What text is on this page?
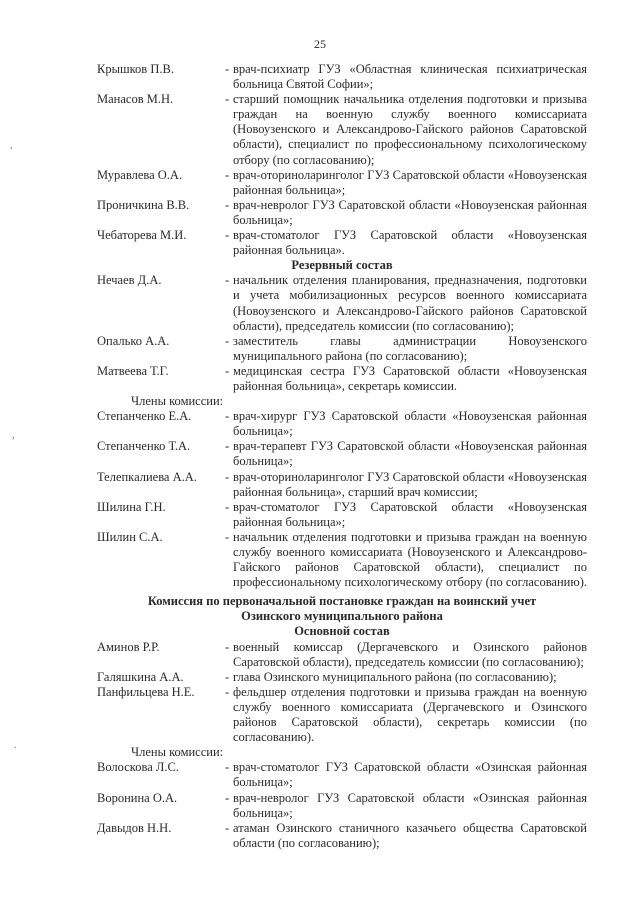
25
,
,
.
Крышков П.В.	- врач-психиатр ГУЗ «Областная клиническая психиатрическая больница Святой Софии»;
Манасов М.Н.	- старший помощник начальника отделения подготовки и призыва граждан на военную службу военного комиссариата (Новоузенского и Александрово-Гайского районов Саратовской области), специалист по профессиональному психологическому отбору (по согласованию);
Муравлева О.А.	- врач-оториноларинголог ГУЗ Саратовской области «Новоузенская районная больница»;
Проничкина В.В.	- врач-невролог ГУЗ Саратовской области «Новоузенская районная больница»;
Чебаторева М.И.	- врач-стоматолог ГУЗ Саратовской области «Новоузенская районная больница».
Резервный состав
Нечаев Д.А.	- начальник отделения планирования, предназначения, подготовки и учета мобилизационных ресурсов военного комиссариата (Новоузенского и Александрово-Гайского районов Саратовской области), председатель комиссии (по согласованию);
Опалько А.А.	- заместитель главы администрации Новоузенского муниципального района (по согласованию);
Матвеева Т.Г.	- медицинская сестра ГУЗ Саратовской области «Новоузенская районная больница», секретарь комиссии.
Члены комиссии:
Степанченко Е.А.	- врач-хирург ГУЗ Саратовской области «Новоузенская районная больница»;
Степанченко Т.А.	- врач-терапевт ГУЗ Саратовской области «Новоузенская районная больница»;
Телепкалиева А.А.	- врач-оториноларинголог ГУЗ Саратовской области «Новоузенская районная больница», старший врач комиссии;
Шилина Г.Н.	- врач-стоматолог ГУЗ Саратовской области «Новоузенская районная больница»;
Шилин С.А.	- начальник отделения подготовки и призыва граждан на военную службу военного комиссариата (Новоузенского и Александрово-Гайского районов Саратовской области), специалист по профессиональному психологическому отбору (по согласованию).
Комиссия по первоначальной постановке граждан на воинский учет
Озинского муниципального района
Основной состав
Аминов Р.Р.	- военный комиссар (Дергачевского и Озинского районов Саратовской области), председатель комиссии (по согласованию);
Галяшкина А.А.	- глава Озинского муниципального района (по согласованию);
Панфильцева Н.Е.	- фельдшер отделения подготовки и призыва граждан на военную службу военного комиссариата (Дергачевского и Озинского районов Саратовской области), секретарь комиссии (по согласованию).
Члены комиссии:
Волоскова Л.С.	- врач-стоматолог ГУЗ Саратовской области «Озинская районная больница»;
Воронина О.А.	- врач-невролог ГУЗ Саратовской области «Озинская районная больница»;
Давыдов Н.Н.	- атаман Озинского станичного казачьего общества Саратовской области (по согласованию);
